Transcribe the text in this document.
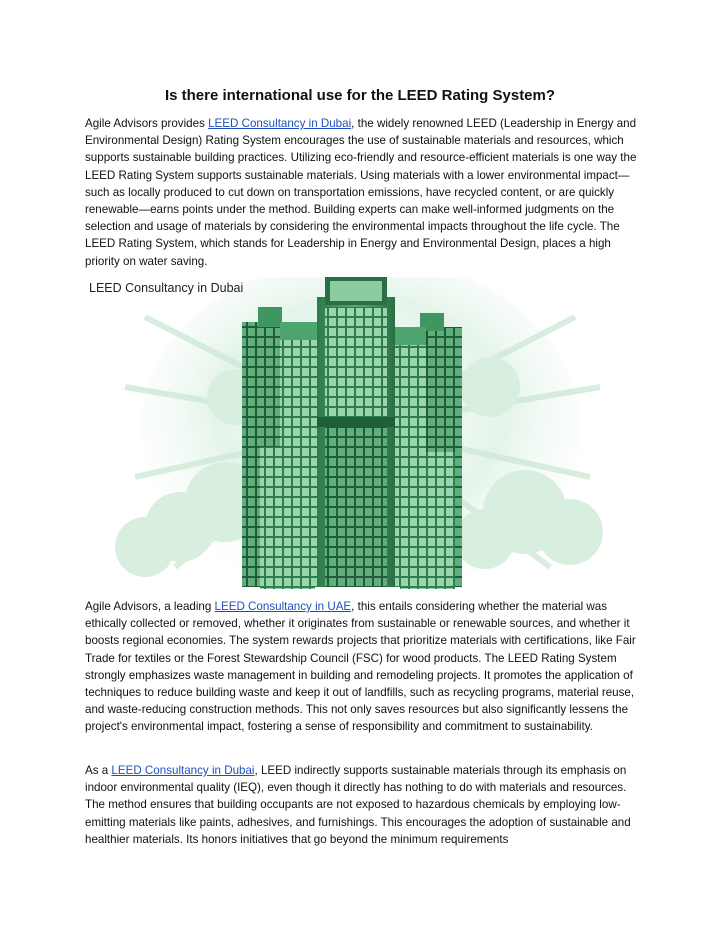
Is there international use for the LEED Rating System?
Agile Advisors provides LEED Consultancy in Dubai, the widely renowned LEED (Leadership in Energy and Environmental Design) Rating System encourages the use of sustainable materials and resources, which supports sustainable building practices. Utilizing eco-friendly and resource-efficient materials is one way the LEED Rating System supports sustainable materials. Using materials with a lower environmental impact—such as locally produced to cut down on transportation emissions, have recycled content, or are quickly renewable—earns points under the method. Building experts can make well-informed judgments on the selection and usage of materials by considering the environmental impacts throughout the life cycle. The LEED Rating System, which stands for Leadership in Energy and Environmental Design, places a high priority on water saving.
LEED Consultancy in Dubai
Agile Advisors, a leading LEED Consultancy in UAE, this entails considering whether the material was ethically collected or removed, whether it originates from sustainable or renewable sources, and whether it boosts regional economies. The system rewards projects that prioritize materials with certifications, like Fair Trade for textiles or the Forest Stewardship Council (FSC) for wood products. The LEED Rating System strongly emphasizes waste management in building and remodeling projects. It promotes the application of techniques to reduce building waste and keep it out of landfills, such as recycling programs, material reuse, and waste-reducing construction methods. This not only saves resources but also significantly lessens the project's environmental impact, fostering a sense of responsibility and commitment to sustainability.
As a LEED Consultancy in Dubai, LEED indirectly supports sustainable materials through its emphasis on indoor environmental quality (IEQ), even though it directly has nothing to do with materials and resources. The method ensures that building occupants are not exposed to hazardous chemicals by employing low-emitting materials like paints, adhesives, and furnishings. This encourages the adoption of sustainable and healthier materials. Its honors initiatives that go beyond the minimum requirements
